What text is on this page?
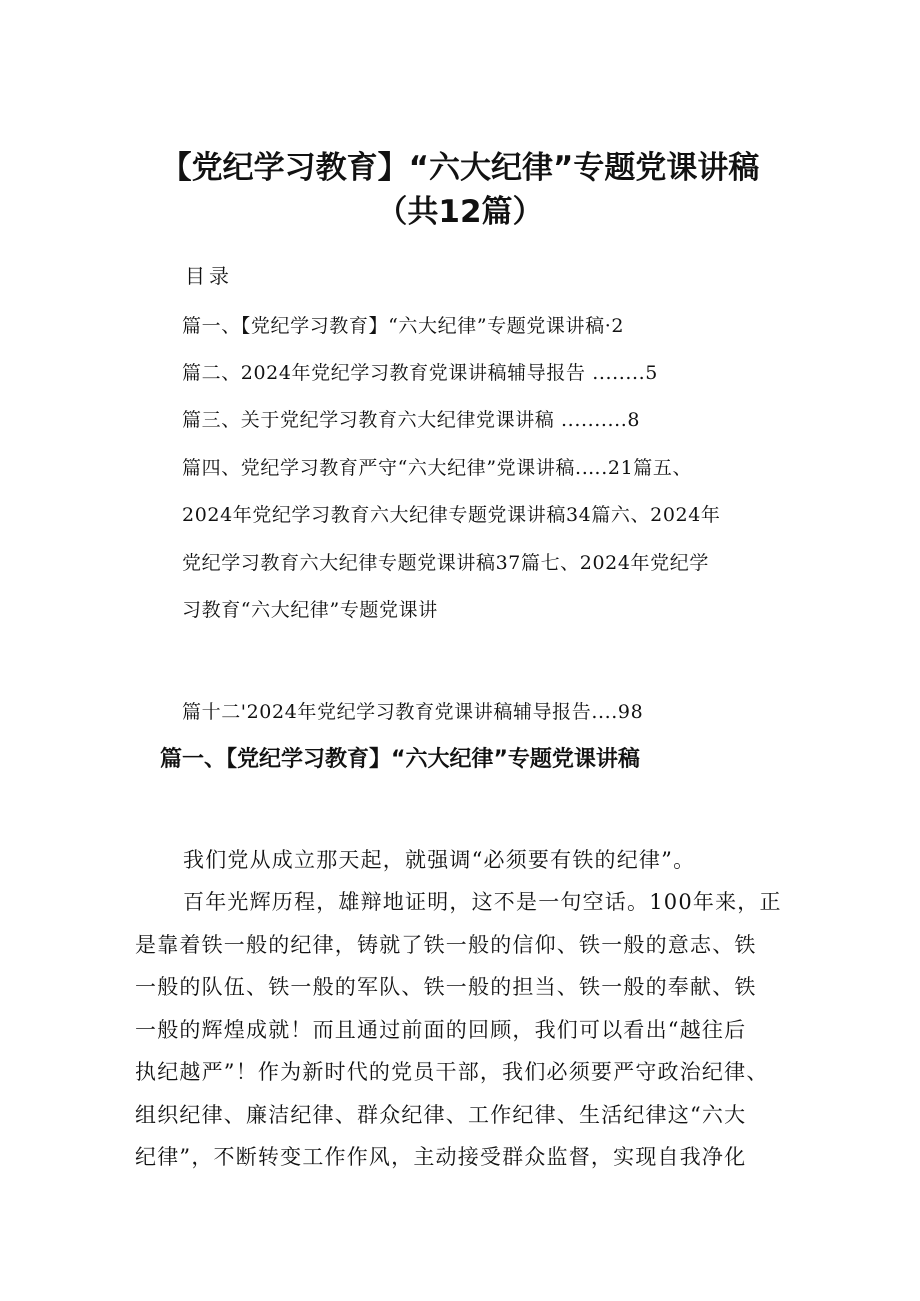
【党纪学习教育】“六大纪律”专题党课讲稿
（共12篇）
目录
篇一、【党纪学习教育】“六大纪律”专题党课讲稿·2
篇二、2024年党纪学习教育党课讲稿辅导报告 ........5
篇三、关于党纪学习教育六大纪律党课讲稿 ..........8
篇四、党纪学习教育严守“六大纪律”党课讲稿.….21篇五、
2024年党纪学习教育六大纪律专题党课讲稿34篇六、2024年
党纪学习教育六大纪律专题党课讲稿37篇七、2024年党纪学
习教育“六大纪律”专题党课讲
篇十二'2024年党纪学习教育党课讲稿辅导报告....98
篇一、【党纪学习教育】“六大纪律”专题党课讲稿
我们党从成立那天起，就强调“必须要有铁的纪律”。
百年光辉历程，雄辩地证明，这不是一句空话。100年来，正
是靠着铁一般的纪律，铸就了铁一般的信仰、铁一般的意志、铁
一般的队伍、铁一般的军队、铁一般的担当、铁一般的奉献、铁
一般的辉煌成就！而且通过前面的回顾，我们可以看出“越往后
执纪越严”！作为新时代的党员干部，我们必须要严守政治纪律、
组织纪律、廉洁纪律、群众纪律、工作纪律、生活纪律这“六大
纪律”，不断转变工作作风，主动接受群众监督，实现自我净化
